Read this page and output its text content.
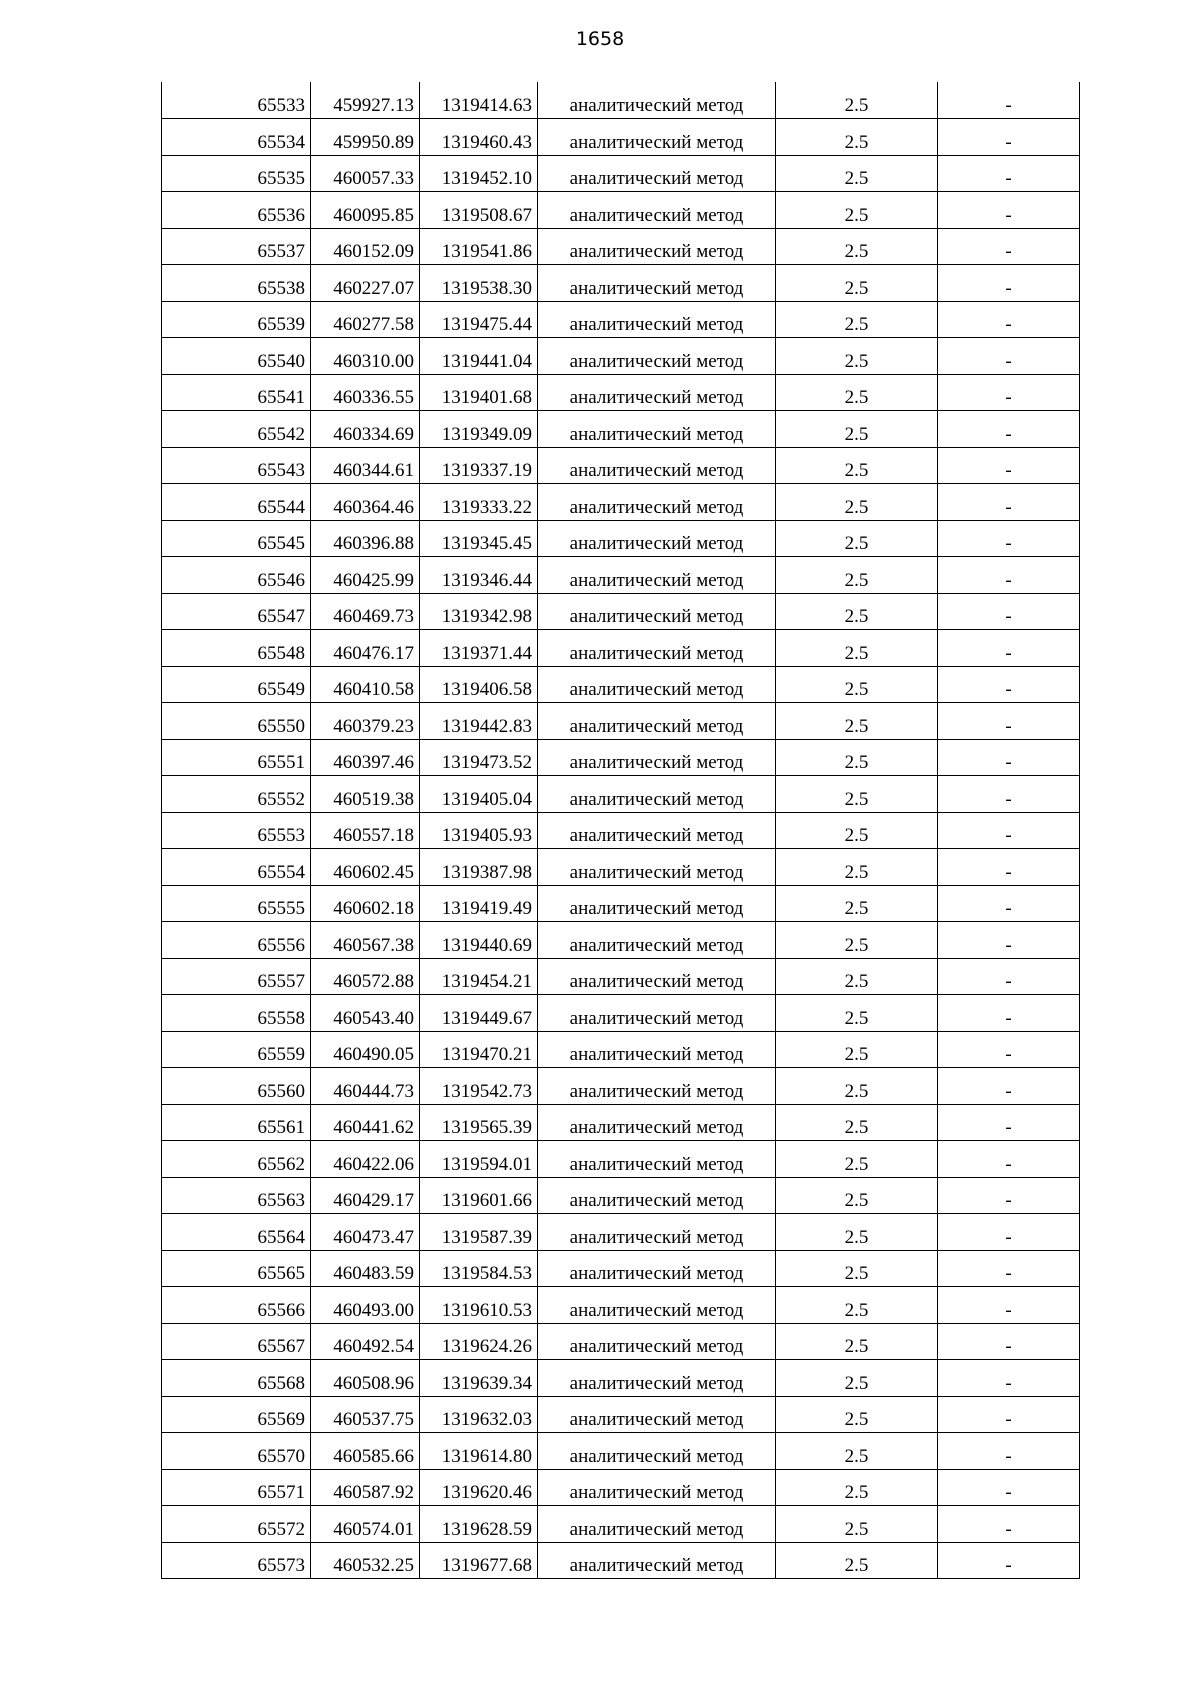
1658
65533	459927.13	1319414.63	аналитический метод	2.5	-
65534	459950.89	1319460.43	аналитический метод	2.5	-
65535	460057.33	1319452.10	аналитический метод	2.5	-
65536	460095.85	1319508.67	аналитический метод	2.5	-
65537	460152.09	1319541.86	аналитический метод	2.5	-
65538	460227.07	1319538.30	аналитический метод	2.5	-
65539	460277.58	1319475.44	аналитический метод	2.5	-
65540	460310.00	1319441.04	аналитический метод	2.5	-
65541	460336.55	1319401.68	аналитический метод	2.5	-
65542	460334.69	1319349.09	аналитический метод	2.5	-
65543	460344.61	1319337.19	аналитический метод	2.5	-
65544	460364.46	1319333.22	аналитический метод	2.5	-
65545	460396.88	1319345.45	аналитический метод	2.5	-
65546	460425.99	1319346.44	аналитический метод	2.5	-
65547	460469.73	1319342.98	аналитический метод	2.5	-
65548	460476.17	1319371.44	аналитический метод	2.5	-
65549	460410.58	1319406.58	аналитический метод	2.5	-
65550	460379.23	1319442.83	аналитический метод	2.5	-
65551	460397.46	1319473.52	аналитический метод	2.5	-
65552	460519.38	1319405.04	аналитический метод	2.5	-
65553	460557.18	1319405.93	аналитический метод	2.5	-
65554	460602.45	1319387.98	аналитический метод	2.5	-
65555	460602.18	1319419.49	аналитический метод	2.5	-
65556	460567.38	1319440.69	аналитический метод	2.5	-
65557	460572.88	1319454.21	аналитический метод	2.5	-
65558	460543.40	1319449.67	аналитический метод	2.5	-
65559	460490.05	1319470.21	аналитический метод	2.5	-
65560	460444.73	1319542.73	аналитический метод	2.5	-
65561	460441.62	1319565.39	аналитический метод	2.5	-
65562	460422.06	1319594.01	аналитический метод	2.5	-
65563	460429.17	1319601.66	аналитический метод	2.5	-
65564	460473.47	1319587.39	аналитический метод	2.5	-
65565	460483.59	1319584.53	аналитический метод	2.5	-
65566	460493.00	1319610.53	аналитический метод	2.5	-
65567	460492.54	1319624.26	аналитический метод	2.5	-
65568	460508.96	1319639.34	аналитический метод	2.5	-
65569	460537.75	1319632.03	аналитический метод	2.5	-
65570	460585.66	1319614.80	аналитический метод	2.5	-
65571	460587.92	1319620.46	аналитический метод	2.5	-
65572	460574.01	1319628.59	аналитический метод	2.5	-
65573	460532.25	1319677.68	аналитический метод	2.5	-
